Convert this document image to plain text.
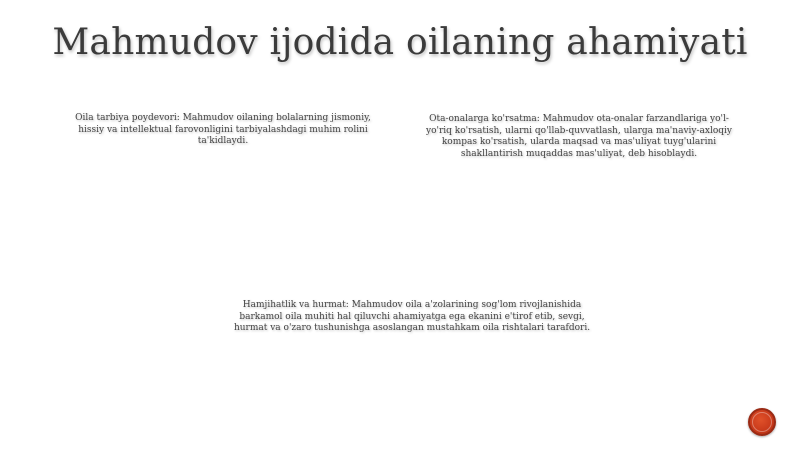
Mahmudov ijodida oilaning ahamiyati
Oila tarbiya poydevori: Mahmudov oilaning bolalarning jismoniy, hissiy va intellektual farovonligini tarbiyalashdagi muhim rolini ta'kidlaydi.
Ota-onalarga ko'rsatma: Mahmudov ota-onalar farzandlariga yo'l-yo'riq ko'rsatish, ularni qo'llab-quvvatlash, ularga ma'naviy-axloqiy kompas ko'rsatish, ularda maqsad va mas'uliyat tuyg'ularini shakllantirish muqaddas mas'uliyat, deb hisoblaydi.
Hamjihatlik va hurmat: Mahmudov oila a'zolarining sog'lom rivojlanishida barkamol oila muhiti hal qiluvchi ahamiyatga ega ekanini e'tirof etib, sevgi, hurmat va o'zaro tushunishga asoslangan mustahkam oila rishtalari tarafdori.
